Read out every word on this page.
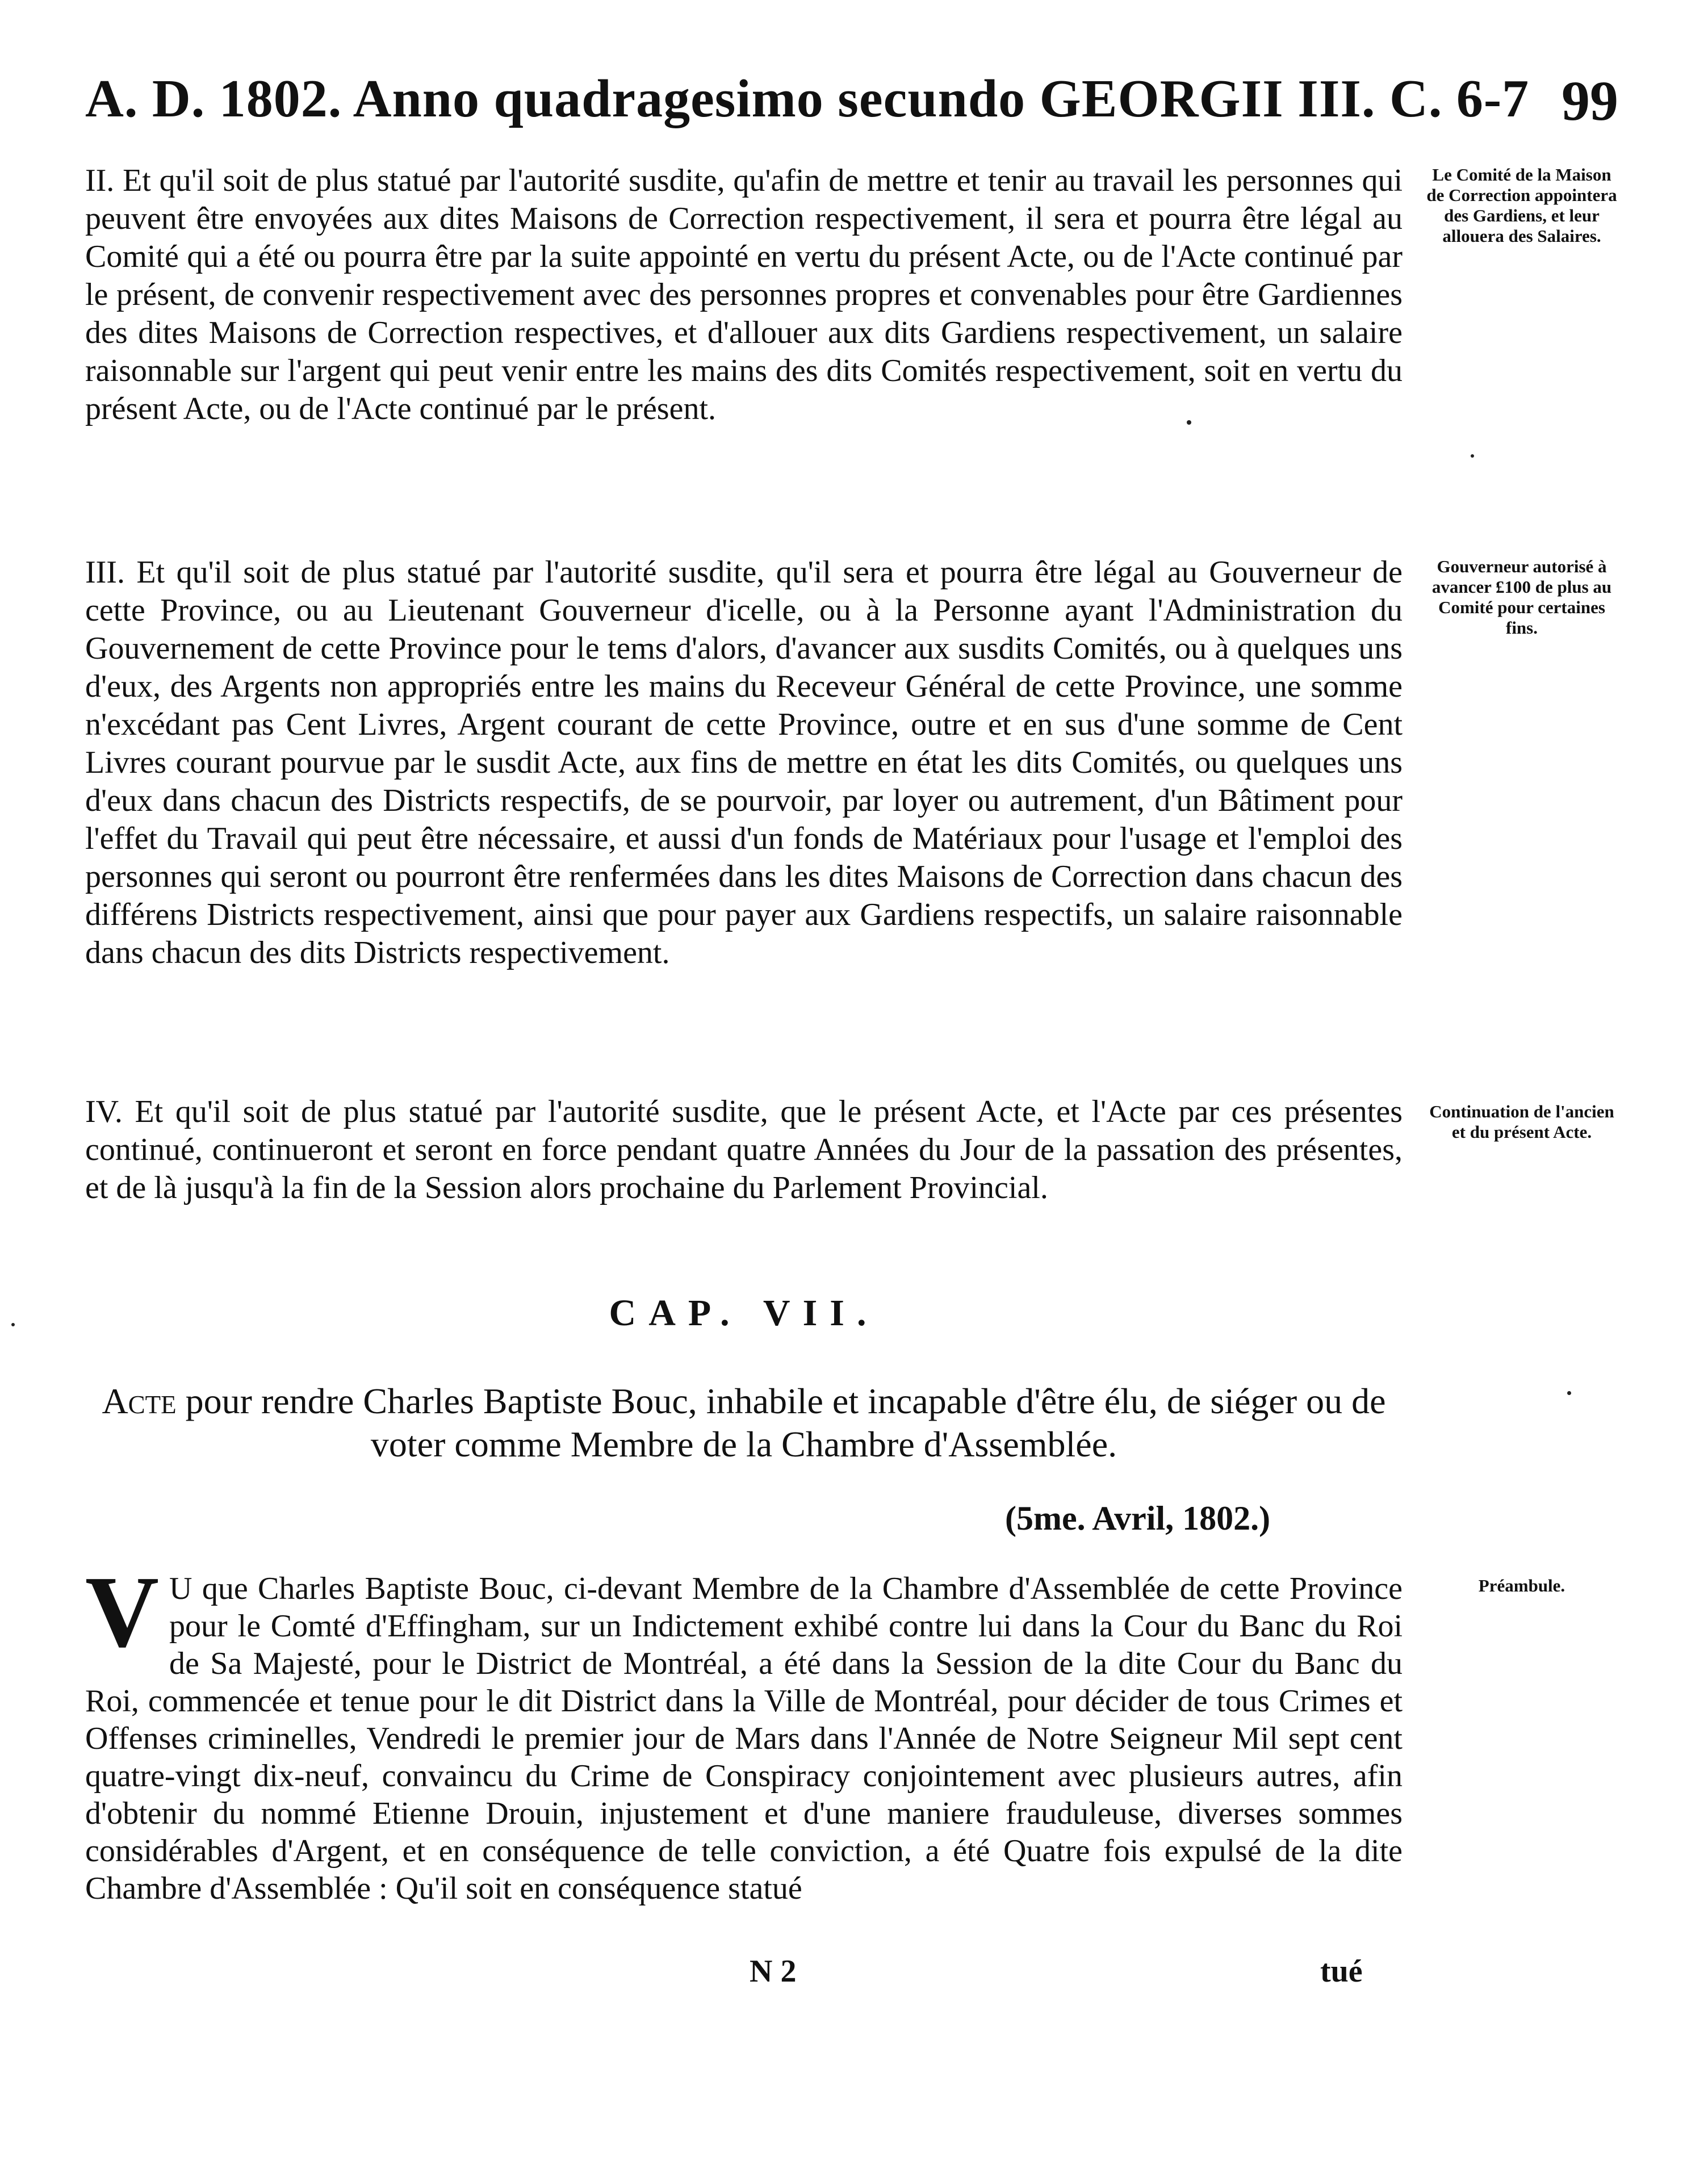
A. D. 1802. Anno quadragesimo secundo GEORGII III. C. 6-7 99
II. Et qu'il soit de plus statué par l'autorité susdite, qu'afin de mettre et tenir au travail les personnes qui peuvent être envoyées aux dites Maisons de Correction respectivement, il sera et pourra être légal au Comité qui a été ou pourra être par la suite appointé en vertu du présent Acte, ou de l'Acte continué par le présent, de convenir respectivement avec des personnes propres et convenables pour être Gardiennes des dites Maisons de Correction respectives, et d'allouer aux dits Gardiens respectivement, un salaire raisonnable sur l'argent qui peut venir entre les mains des dits Comités respectivement, soit en vertu du présent Acte, ou de l'Acte continué par le présent.
Le Comité de la Maison de Correction appointera des Gardiens, et leur allouera des Salaires.
III. Et qu'il soit de plus statué par l'autorité susdite, qu'il sera et pourra être légal au Gouverneur de cette Province, ou au Lieutenant Gouverneur d'icelle, ou à la Personne ayant l'Administration du Gouvernement de cette Province pour le tems d'alors, d'avancer aux susdits Comités, ou à quelques uns d'eux, des Argents non appropriés entre les mains du Receveur Général de cette Province, une somme n'excédant pas Cent Livres, Argent courant de cette Province, outre et en sus d'une somme de Cent Livres courant pourvue par le susdit Acte, aux fins de mettre en état les dits Comités, ou quelques uns d'eux dans chacun des Districts respectifs, de se pourvoir, par loyer ou autrement, d'un Bâtiment pour l'effet du Travail qui peut être nécessaire, et aussi d'un fonds de Matériaux pour l'usage et l'emploi des personnes qui seront ou pourront être renfermées dans les dites Maisons de Correction dans chacun des différens Districts respectivement, ainsi que pour payer aux Gardiens respectifs, un salaire raisonnable dans chacun des dits Districts respectivement.
Gouverneur autorisé à avancer £100 de plus au Comité pour certaines fins.
IV. Et qu'il soit de plus statué par l'autorité susdite, que le présent Acte, et l'Acte par ces présentes continué, continueront et seront en force pendant quatre Années du Jour de la passation des présentes, et de là jusqu'à la fin de la Session alors prochaine du Parlement Provincial.
Continuation de l'ancien et du présent Acte.
CAP. VII.
Acte pour rendre Charles Baptiste Bouc, inhabile et incapable d'être élu, de siéger ou de voter comme Membre de la Chambre d'Assemblée.
(5me. Avril, 1802.)
V U que Charles Baptiste Bouc, ci-devant Membre de la Chambre d'Assemblée de cette Province pour le Comté d'Effingham, sur un Indictement exhibé contre lui dans la Cour du Banc du Roi de Sa Majesté, pour le District de Montréal, a été dans la Session de la dite Cour du Banc du Roi, commencée et tenue pour le dit District dans la Ville de Montréal, pour décider de tous Crimes et Offenses criminelles, Vendredi le premier jour de Mars dans l'Année de Notre Seigneur Mil sept cent quatre-vingt dix-neuf, convaincu du Crime de Conspiracy conjointement avec plusieurs autres, afin d'obtenir du nommé Etienne Drouin, injustement et d'une maniere frauduleuse, diverses sommes considérables d'Argent, et en conséquence de telle conviction, a été Quatre fois expulsé de la dite Chambre d'Assemblée : Qu'il soit en conséquence statué
Préambule.
N 2	tué
